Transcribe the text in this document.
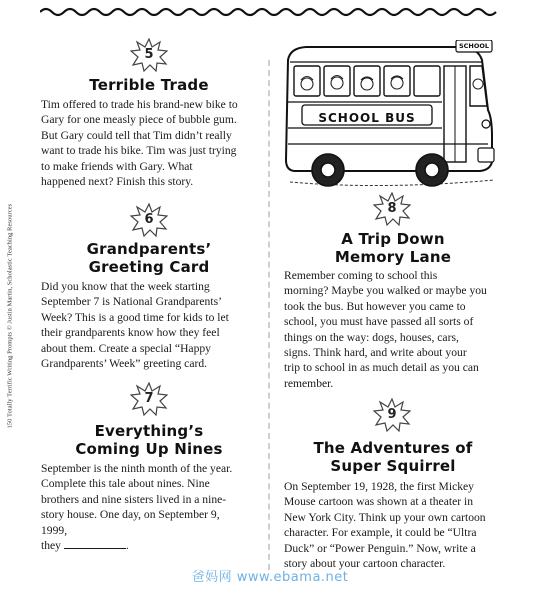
150 Totally Terrific Writing Prompts © Justin Martin, Scholastic Teaching Resources
5
Terrible Trade
Tim offered to trade his brand-new bike to
Gary for one measly piece of bubble gum.
But Gary could tell that Tim didn’t really
want to trade his bike. Tim was just trying
to make friends with Gary. What
happened next? Finish this story.
6
Grandparents’
Greeting Card
Did you know that the week starting
September 7 is National Grandparents’
Week? This is a good time for kids to let
their grandparents know how they feel
about them. Create a special “Happy
Grandparents’ Week” greeting card.
7
Everything’s
Coming Up Nines
September is the ninth month of the year.
Complete this tale about nines. Nine
brothers and nine sisters lived in a nine-
story house. One day, on September 9,
1999,
they	.
SCHOOL BUS
SCHOOL
8
A Trip Down
Memory Lane
Remember coming to school this
morning? Maybe you walked or maybe you
took the bus. But however you came to
school, you must have passed all sorts of
things on the way: dogs, houses, cars,
signs. Think hard, and write about your
trip to school in as much detail as you can
remember.
9
The Adventures of
Super Squirrel
On September 19, 1928, the first Mickey
Mouse cartoon was shown at a theater in
New York City. Think up your own cartoon
character. For example, it could be “Ultra
Duck” or “Power Penguin.” Now, write a
story about your cartoon character.
爸妈网 www.ebama.net
